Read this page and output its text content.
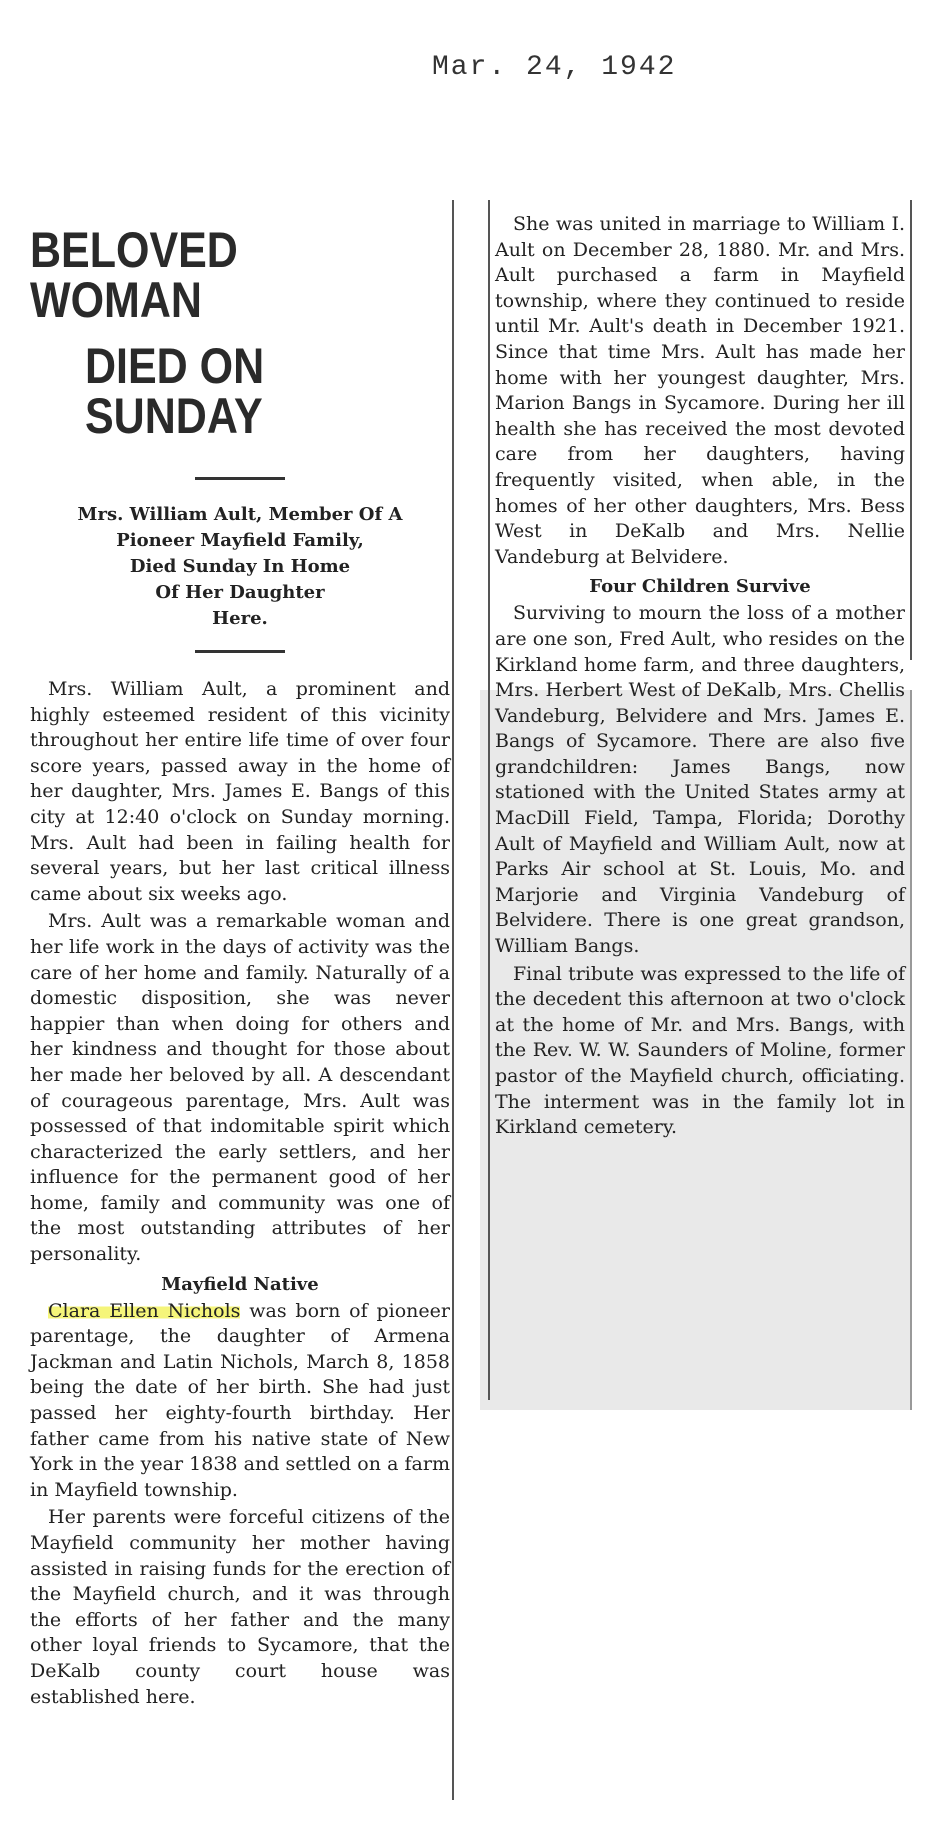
Mar. 24, 1942
BELOVED WOMAN
DIED ON SUNDAY
Mrs. William Ault, Member Of A
Pioneer Mayfield Family,
Died Sunday In Home
Of Her Daughter
Here.

Mrs. William Ault, a prominent and highly esteemed resident of this vicinity throughout her entire life time of over four score years, passed away in the home of her daughter, Mrs. James E. Bangs of this city at 12:40 o'clock on Sunday morning. Mrs. Ault had been in failing health for several years, but her last critical illness came about six weeks ago.

Mrs. Ault was a remarkable woman and her life work in the days of activity was the care of her home and family. Naturally of a domestic disposition, she was never happier than when doing for others and her kindness and thought for those about her made her beloved by all. A descendant of courageous parentage, Mrs. Ault was possessed of that indomitable spirit which characterized the early settlers, and her influence for the permanent good of her home, family and community was one of the most outstanding attributes of her personality.

Mayfield Native

Clara Ellen Nichols was born of pioneer parentage, the daughter of Armena Jackman and Latin Nichols, March 8, 1858 being the date of her birth. She had just passed her eighty-fourth birthday. Her father came from his native state of New York in the year 1838 and settled on a farm in Mayfield township.

Her parents were forceful citizens of the Mayfield community her mother having assisted in raising funds for the erection of the Mayfield church, and it was through the efforts of her father and the many other loyal friends to Sycamore, that the DeKalb county court house was established here.

She was united in marriage to William I. Ault on December 28, 1880. Mr. and Mrs. Ault purchased a farm in Mayfield township, where they continued to reside until Mr. Ault's death in December 1921. Since that time Mrs. Ault has made her home with her youngest daughter, Mrs. Marion Bangs in Sycamore. During her ill health she has received the most devoted care from her daughters, having frequently visited, when able, in the homes of her other daughters, Mrs. Bess West in DeKalb and Mrs. Nellie Vandeburg at Belvidere.

Four Children Survive

Surviving to mourn the loss of a mother are one son, Fred Ault, who resides on the Kirkland home farm, and three daughters, Mrs. Herbert West of DeKalb, Mrs. Chellis Vandeburg, Belvidere and Mrs. James E. Bangs of Sycamore. There are also five grandchildren: James Bangs, now stationed with the United States army at MacDill Field, Tampa, Florida; Dorothy Ault of Mayfield and William Ault, now at Parks Air school at St. Louis, Mo. and Marjorie and Virginia Vandeburg of Belvidere. There is one great grandson, William Bangs.

Final tribute was expressed to the life of the decedent this afternoon at two o'clock at the home of Mr. and Mrs. Bangs, with the Rev. W. W. Saunders of Moline, former pastor of the Mayfield church, officiating. The interment was in the family lot in Kirkland cemetery.
